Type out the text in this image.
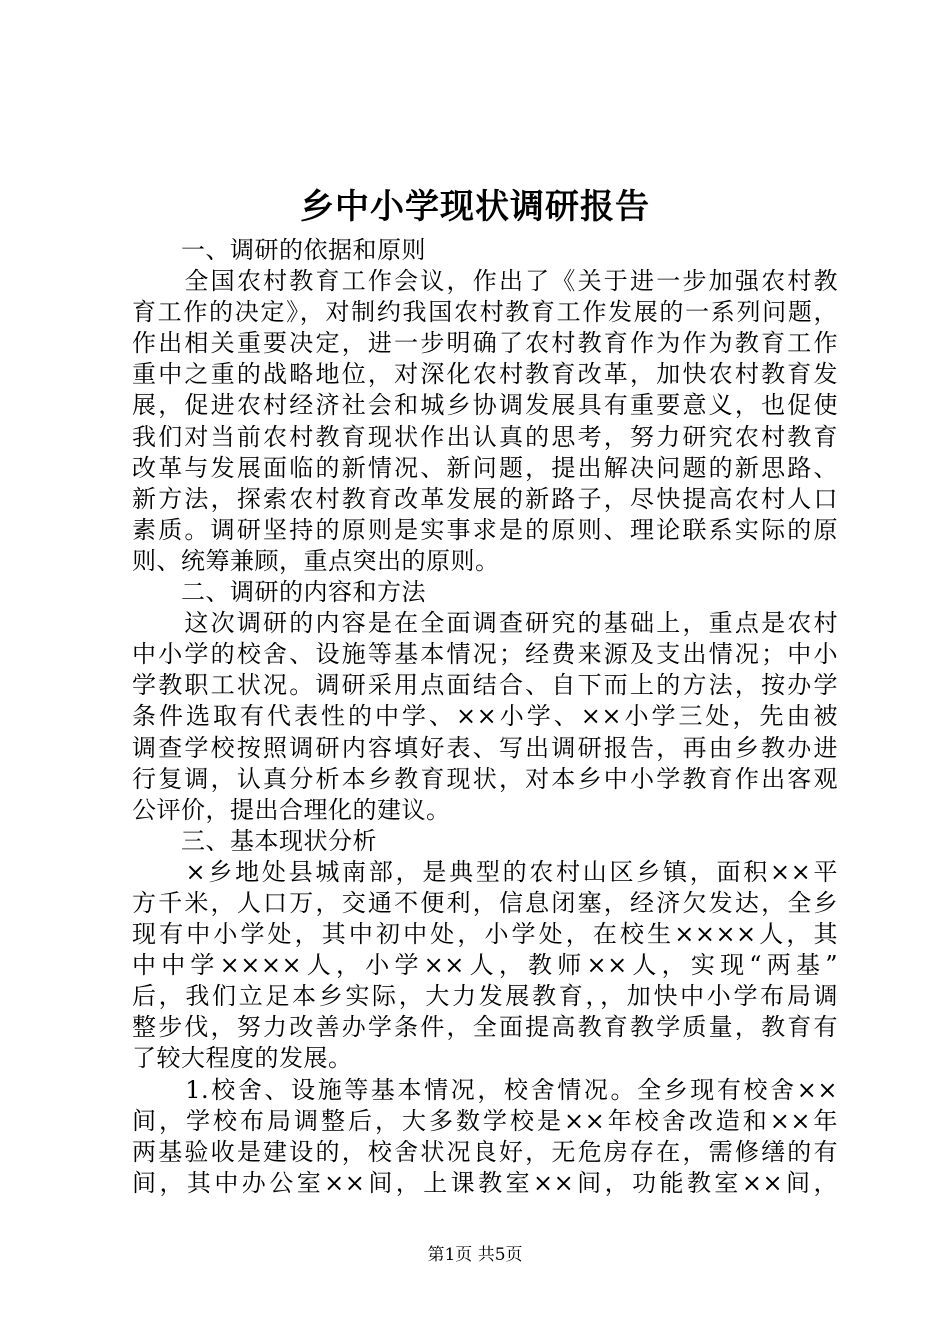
乡中小学现状调研报告
　　一、调研的依据和原则
　　全国农村教育工作会议，作出了《关于进一步加强农村教
育工作的决定》，对制约我国农村教育工作发展的一系列问题，
作出相关重要决定，进一步明确了农村教育作为作为教育工作
重中之重的战略地位，对深化农村教育改革，加快农村教育发
展，促进农村经济社会和城乡协调发展具有重要意义，也促使
我们对当前农村教育现状作出认真的思考，努力研究农村教育
改革与发展面临的新情况、新问题，提出解决问题的新思路、
新方法，探索农村教育改革发展的新路子，尽快提高农村人口
素质。调研坚持的原则是实事求是的原则、理论联系实际的原
则、统筹兼顾，重点突出的原则。
　　二、调研的内容和方法
　　这次调研的内容是在全面调查研究的基础上，重点是农村
中小学的校舍、设施等基本情况；经费来源及支出情况；中小
学教职工状况。调研采用点面结合、自下而上的方法，按办学
条件选取有代表性的中学、××小学、××小学三处，先由被
调查学校按照调研内容填好表、写出调研报告，再由乡教办进
行复调，认真分析本乡教育现状，对本乡中小学教育作出客观
公评价，提出合理化的建议。
　　三、基本现状分析
　　×乡地处县城南部，是典型的农村山区乡镇，面积××平
方千米，人口万，交通不便利，信息闭塞，经济欠发达，全乡
现有中小学处，其中初中处，小学处，在校生××××人，其
中中学××××人，小学××人，教师××人，实现“两基”
后，我们立足本乡实际，大力发展教育，，加快中小学布局调
整步伐，努力改善办学条件，全面提高教育教学质量，教育有
了较大程度的发展。
　　1.校舍、设施等基本情况，校舍情况。全乡现有校舍××
间，学校布局调整后，大多数学校是××年校舍改造和××年
两基验收是建设的，校舍状况良好，无危房存在，需修缮的有
间，其中办公室××间，上课教室××间，功能教室××间，
第1页 共5页
